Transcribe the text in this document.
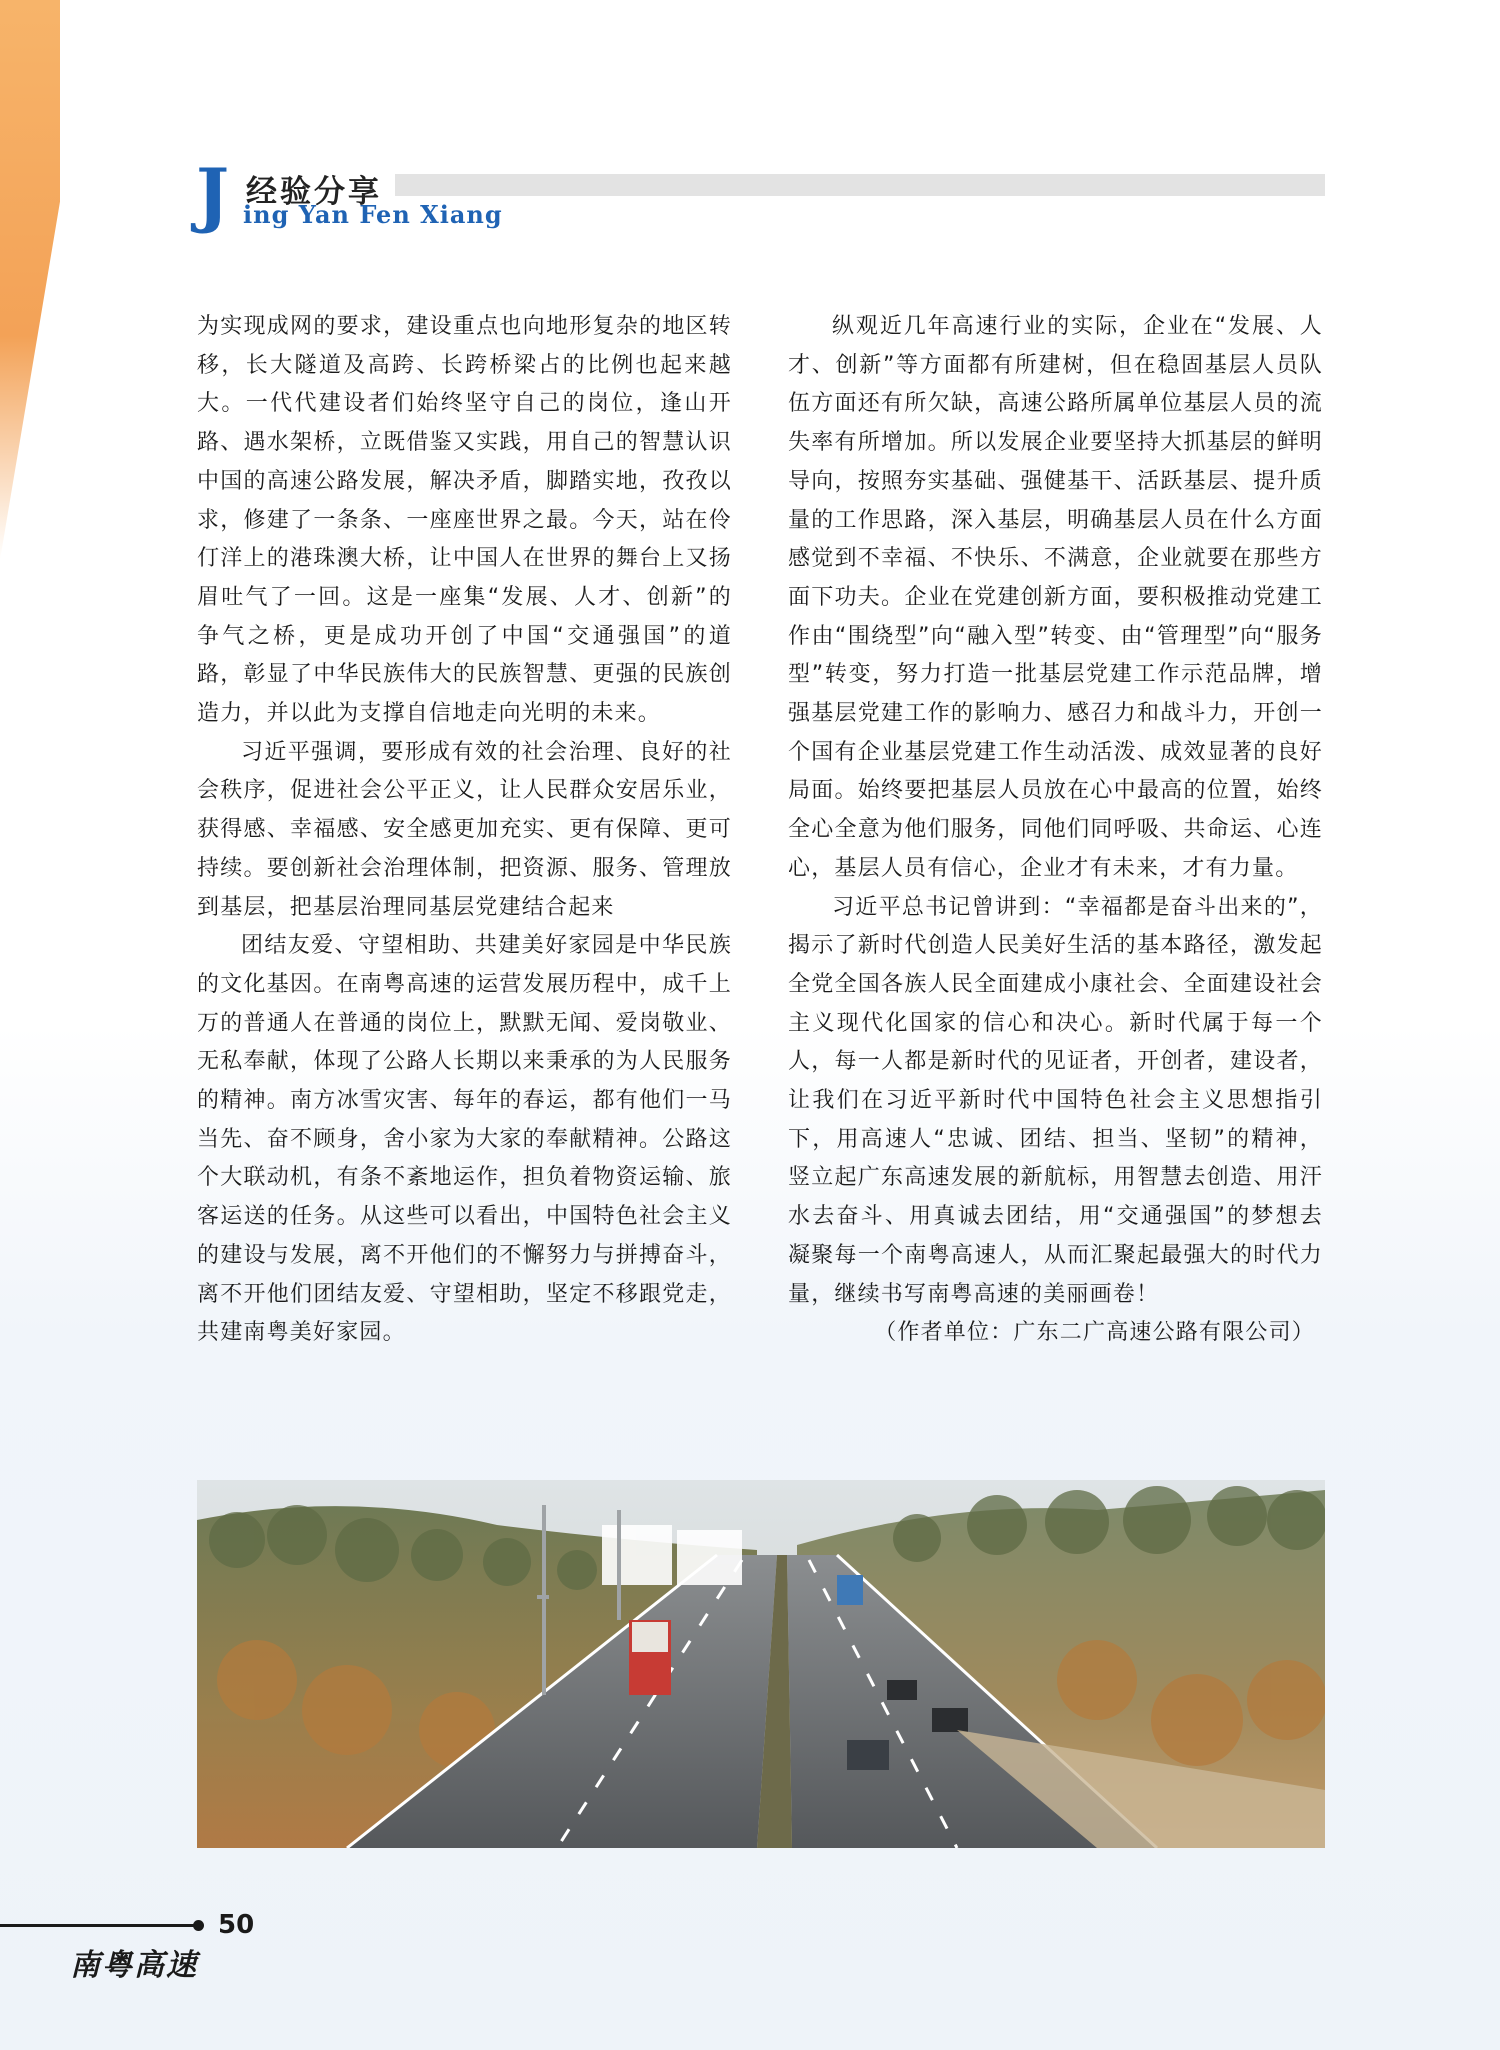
J 经验分享
ing Yan Fen Xiang

为实现成网的要求，建设重点也向地形复杂的地区转移，长大隧道及高跨、长跨桥梁占的比例也起来越大。一代代建设者们始终坚守自己的岗位，逢山开路、遇水架桥，立既借鉴又实践，用自己的智慧认识中国的高速公路发展，解决矛盾，脚踏实地，孜孜以求，修建了一条条、一座座世界之最。今天，站在伶仃洋上的港珠澳大桥，让中国人在世界的舞台上又扬眉吐气了一回。这是一座集“发展、人才、创新”的争气之桥，更是成功开创了中国“交通强国”的道路，彰显了中华民族伟大的民族智慧、更强的民族创造力，并以此为支撑自信地走向光明的未来。

习近平强调，要形成有效的社会治理、良好的社会秩序，促进社会公平正义，让人民群众安居乐业，获得感、幸福感、安全感更加充实、更有保障、更可持续。要创新社会治理体制，把资源、服务、管理放到基层，把基层治理同基层党建结合起来

团结友爱、守望相助、共建美好家园是中华民族的文化基因。在南粤高速的运营发展历程中，成千上万的普通人在普通的岗位上，默默无闻、爱岗敬业、无私奉献，体现了公路人长期以来秉承的为人民服务的精神。南方冰雪灾害、每年的春运，都有他们一马当先、奋不顾身，舍小家为大家的奉献精神。公路这个大联动机，有条不紊地运作，担负着物资运输、旅客运送的任务。从这些可以看出，中国特色社会主义的建设与发展，离不开他们的不懈努力与拼搏奋斗，离不开他们团结友爱、守望相助，坚定不移跟党走，共建南粤美好家园。

纵观近几年高速行业的实际，企业在“发展、人才、创新”等方面都有所建树，但在稳固基层人员队伍方面还有所欠缺，高速公路所属单位基层人员的流失率有所增加。所以发展企业要坚持大抓基层的鲜明导向，按照夯实基础、强健基干、活跃基层、提升质量的工作思路，深入基层，明确基层人员在什么方面感觉到不幸福、不快乐、不满意，企业就要在那些方面下功夫。企业在党建创新方面，要积极推动党建工作由“围绕型”向“融入型”转变、由“管理型”向“服务型”转变，努力打造一批基层党建工作示范品牌，增强基层党建工作的影响力、感召力和战斗力，开创一个国有企业基层党建工作生动活泼、成效显著的良好局面。始终要把基层人员放在心中最高的位置，始终全心全意为他们服务，同他们同呼吸、共命运、心连心，基层人员有信心，企业才有未来，才有力量。

习近平总书记曾讲到：“幸福都是奋斗出来的”，揭示了新时代创造人民美好生活的基本路径，激发起全党全国各族人民全面建成小康社会、全面建设社会主义现代化国家的信心和决心。新时代属于每一个人，每一人都是新时代的见证者，开创者，建设者，让我们在习近平新时代中国特色社会主义思想指引下，用高速人“忠诚、团结、担当、坚韧”的精神，竖立起广东高速发展的新航标，用智慧去创造、用汗水去奋斗、用真诚去团结，用“交通强国”的梦想去凝聚每一个南粤高速人，从而汇聚起最强大的时代力量，继续书写南粤高速的美丽画卷！

（作者单位：广东二广高速公路有限公司）

50
南粤高速
